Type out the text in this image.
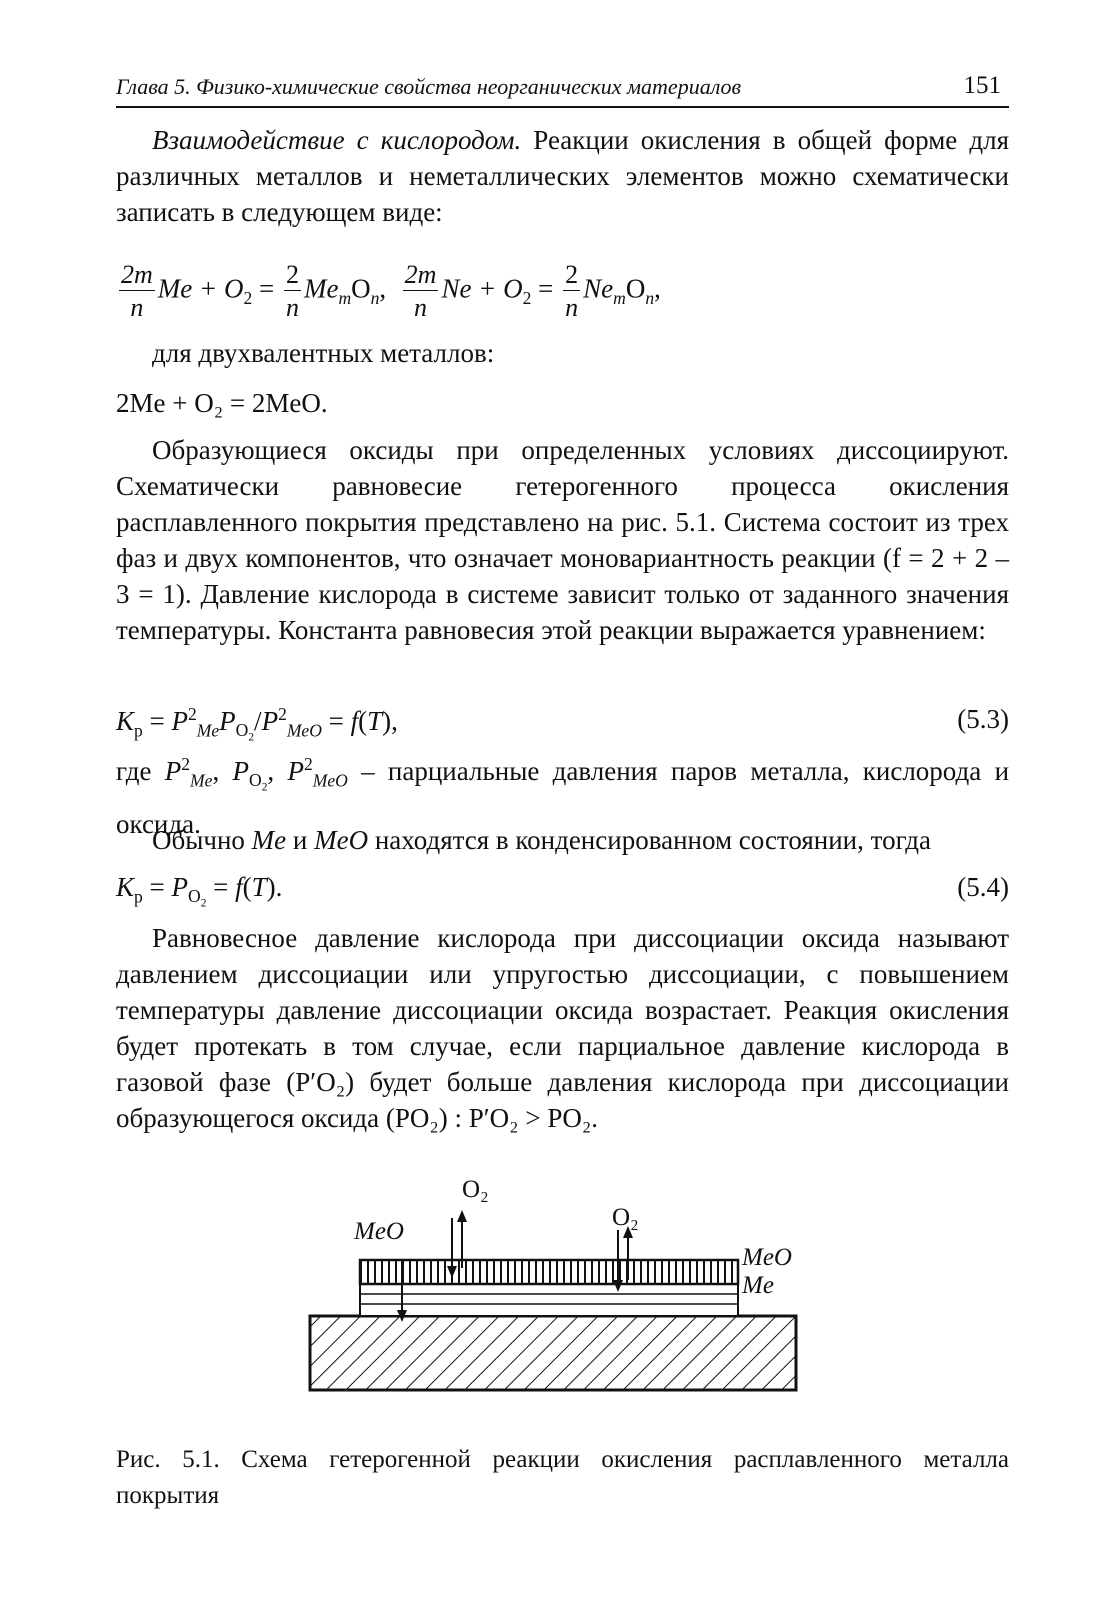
Глава 5. Физико-химические свойства неорганических материалов	151

Взаимодействие с кислородом. Реакции окисления в общей форме для различных металлов и неметаллических элементов можно схематически записать в следующем виде:

$\frac{2m}{n}$ $Me + O_2 = \frac{2}{n} Me_mO_n$, $\frac{2m}{n}$ $Ne + O_2 = \frac{2}{n} Ne_mO_n$,
для двухвалентных металлов:
2Me + O₂ = 2MeO.

Образующиеся оксиды при определенных условиях диссоциируют. Схематически равновесие гетерогенного процесса окисления расплавленного покрытия представлено на рис. 5.1. Система состоит из трех фаз и двух компонентов, что означает моновариантность реакции (f = 2 + 2 – 3 = 1). Давление кислорода в системе зависит только от заданного значения температуры. Константа равновесия этой реакции выражается уравнением:

$K_p = P^2_{Me}P_{O_2}/P^2_{MeO} = f(T)$,	(5.3)

где $P^2_{Me}$, $P_{O_2}$, $P^2_{MeO}$ – парциальные давления паров металла, кислорода и оксида.

Обычно Me и MeO находятся в конденсированном состоянии, тогда

$K_p = P_{O_2} = f(T)$.	(5.4)

Равновесное давление кислорода при диссоциации оксида называют давлением диссоциации или упругостью диссоциации, с повышением температуры давление диссоциации оксида возрастает. Реакция окисления будет протекать в том случае, если парциальное давление кислорода в газовой фазе (P′O₂) будет больше давления кислорода при диссоциации образующегося оксида (PO₂) : P′O₂ > PO₂.

O₂
O₂
MeO
MeO
Me

Рис. 5.1. Схема гетерогенной реакции окисления расплавленного металла покрытия
